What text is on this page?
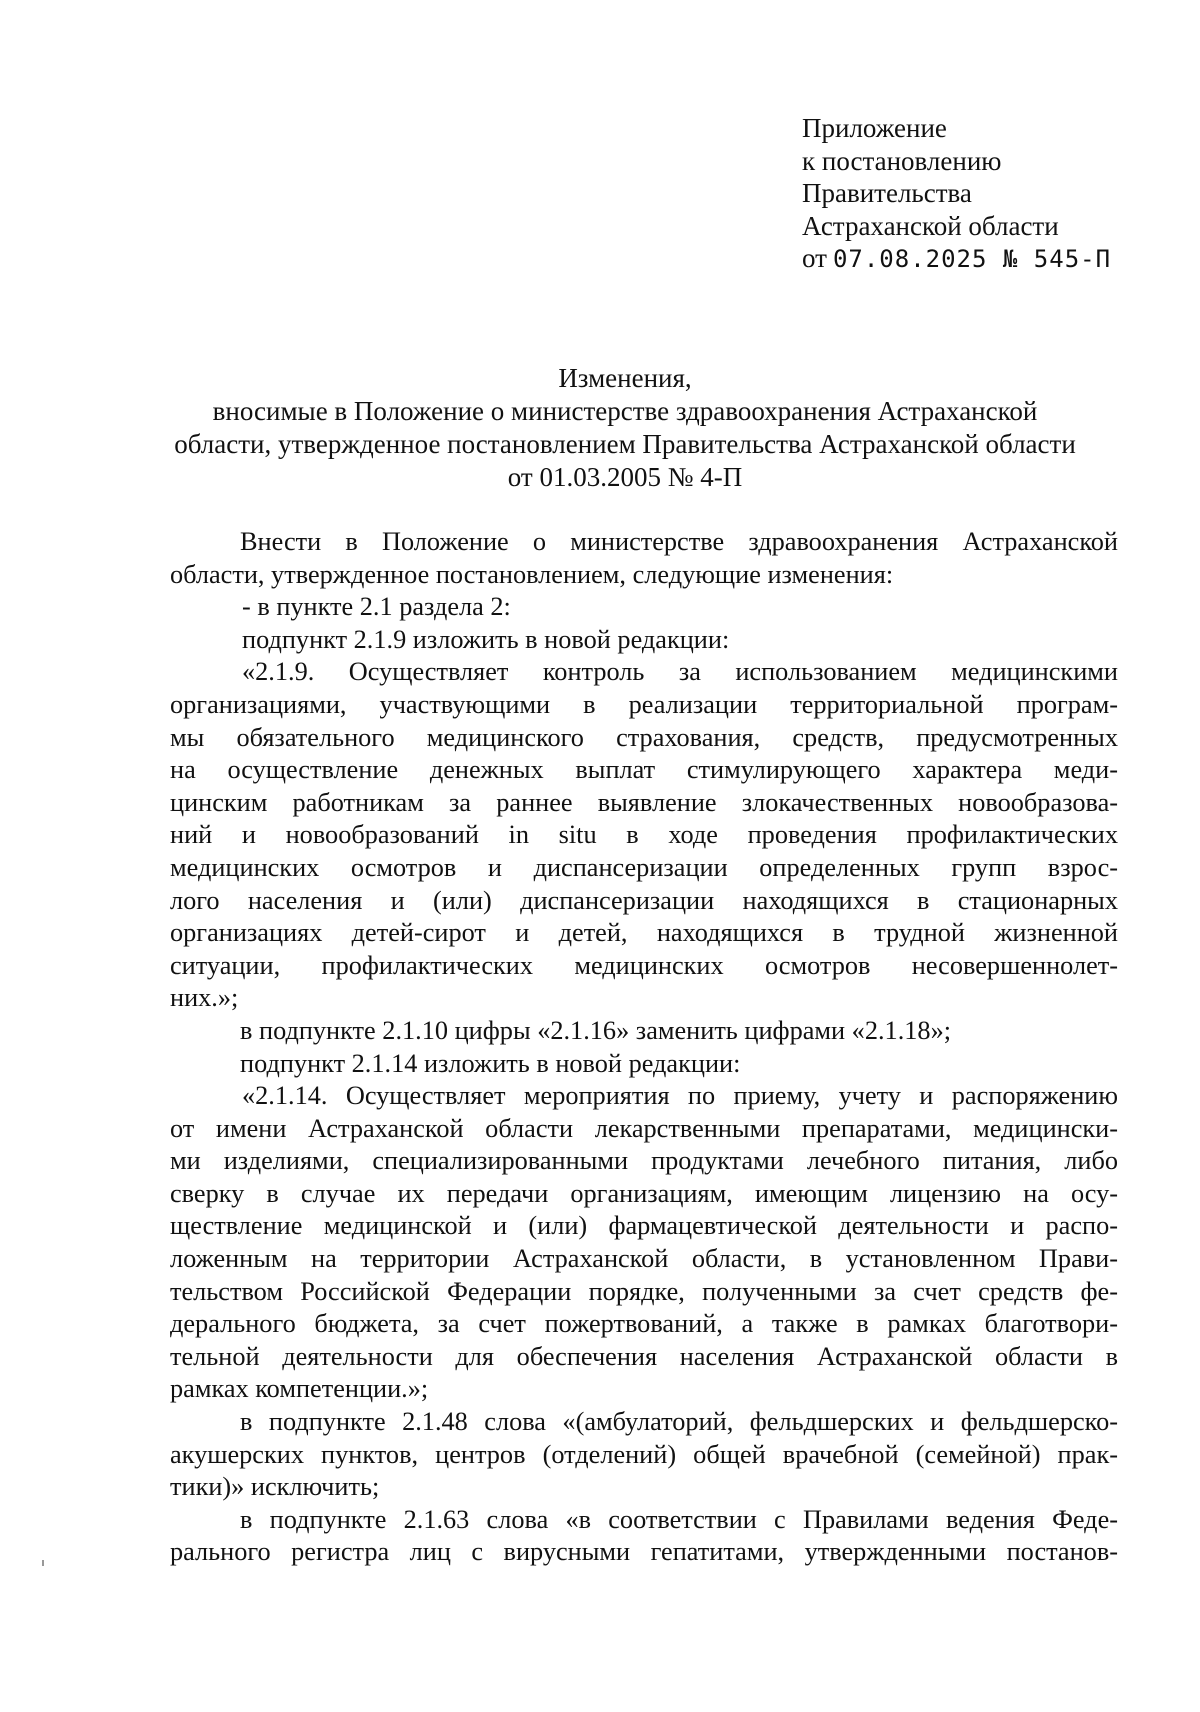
Приложение
к постановлению
Правительства
Астраханской области
от 07.08.2025 № 545-П
Изменения,
вносимые в Положение о министерстве здравоохранения Астраханской
области, утвержденное постановлением Правительства Астраханской области
от 01.03.2005 № 4-П
Внести в Положение о министерстве здравоохранения Астраханской
области, утвержденное постановлением, следующие изменения:
- в пункте 2.1 раздела 2:
подпункт 2.1.9 изложить в новой редакции:
«2.1.9. Осуществляет контроль за использованием медицинскими
организациями, участвующими в реализации территориальной програм-
мы обязательного медицинского страхования, средств, предусмотренных
на осуществление денежных выплат стимулирующего характера меди-
цинским работникам за раннее выявление злокачественных новообразова-
ний и новообразований in situ в ходе проведения профилактических
медицинских осмотров и диспансеризации определенных групп взрос-
лого населения и (или) диспансеризации находящихся в стационарных
организациях детей-сирот и детей, находящихся в трудной жизненной
ситуации, профилактических медицинских осмотров несовершеннолет-
них.»;
в подпункте 2.1.10 цифры «2.1.16» заменить цифрами «2.1.18»;
подпункт 2.1.14 изложить в новой редакции:
«2.1.14. Осуществляет мероприятия по приему, учету и распоряжению
от имени Астраханской области лекарственными препаратами, медицински-
ми изделиями, специализированными продуктами лечебного питания, либо
сверку в случае их передачи организациям, имеющим лицензию на осу-
ществление медицинской и (или) фармацевтической деятельности и распо-
ложенным на территории Астраханской области, в установленном Прави-
тельством Российской Федерации порядке, полученными за счет средств фе-
дерального бюджета, за счет пожертвований, а также в рамках благотвори-
тельной деятельности для обеспечения населения Астраханской области в
рамках компетенции.»;
в подпункте 2.1.48 слова «(амбулаторий, фельдшерских и фельдшерско-
акушерских пунктов, центров (отделений) общей врачебной (семейной) прак-
тики)» исключить;
в подпункте 2.1.63 слова «в соответствии с Правилами ведения Феде-
рального регистра лиц с вирусными гепатитами, утвержденными постанов-
